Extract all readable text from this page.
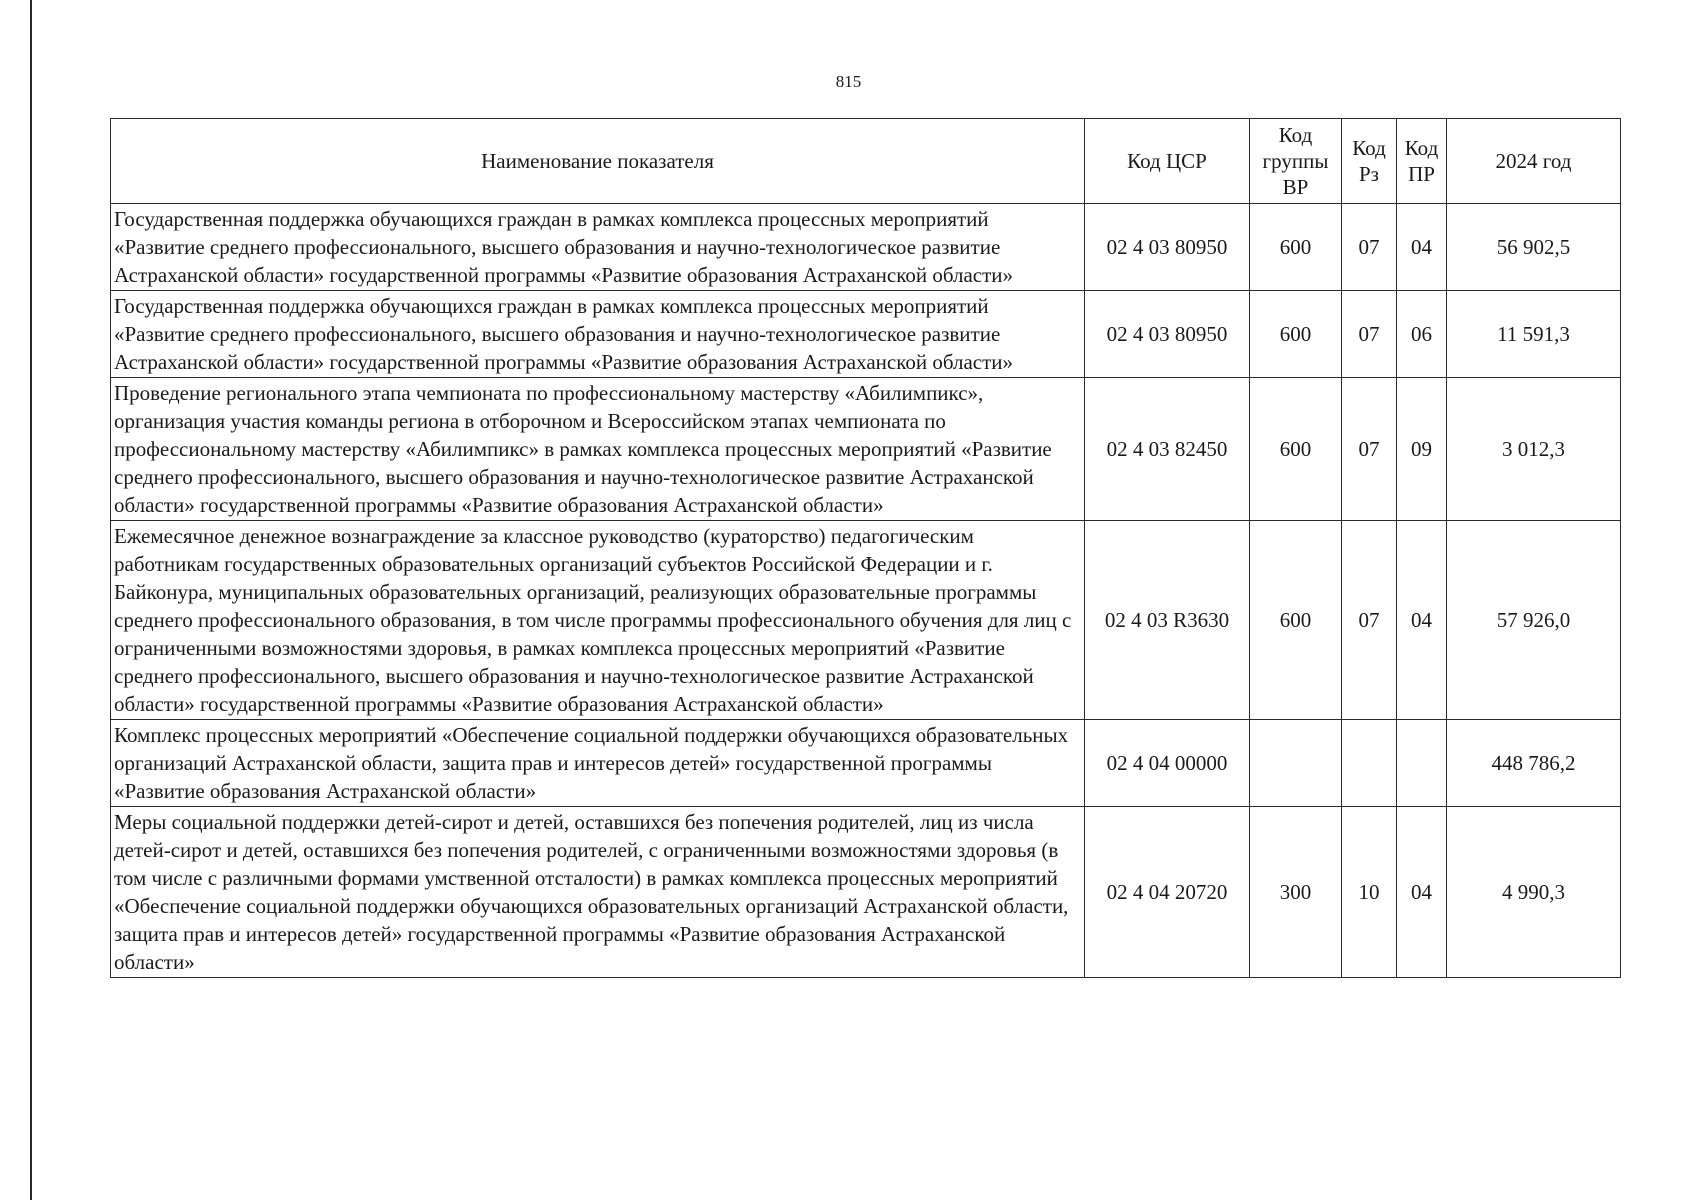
815
Наименование показателя	Код ЦСР	Код группы ВР	Код Рз	Код ПР	2024 год
Государственная поддержка обучающихся граждан в рамках комплекса процессных мероприятий «Развитие среднего профессионального, высшего образования и научно-технологическое развитие Астраханской области» государственной программы «Развитие образования Астраханской области»	02 4 03 80950	600	07	04	56 902,5
Государственная поддержка обучающихся граждан в рамках комплекса процессных мероприятий «Развитие среднего профессионального, высшего образования и научно-технологическое развитие Астраханской области» государственной программы «Развитие образования Астраханской области»	02 4 03 80950	600	07	06	11 591,3
Проведение регионального этапа чемпионата по профессиональному мастерству «Абилимпикс», организация участия команды региона в отборочном и Всероссийском этапах чемпионата по профессиональному мастерству «Абилимпикс» в рамках комплекса процессных мероприятий «Развитие среднего профессионального, высшего образования и научно-технологическое развитие Астраханской области» государственной программы «Развитие образования Астраханской области»	02 4 03 82450	600	07	09	3 012,3
Ежемесячное денежное вознаграждение за классное руководство (кураторство) педагогическим работникам государственных образовательных организаций субъектов Российской Федерации и г. Байконура, муниципальных образовательных организаций, реализующих образовательные программы среднего профессионального образования, в том числе программы профессионального обучения для лиц с ограниченными возможностями здоровья, в рамках комплекса процессных мероприятий «Развитие среднего профессионального, высшего образования и научно-технологическое развитие Астраханской области» государственной программы «Развитие образования Астраханской области»	02 4 03 R3630	600	07	04	57 926,0
Комплекс процессных мероприятий «Обеспечение социальной поддержки обучающихся образовательных организаций Астраханской области, защита прав и интересов детей» государственной программы «Развитие образования Астраханской области»	02 4 04 00000				448 786,2
Меры социальной поддержки детей-сирот и детей, оставшихся без попечения родителей, лиц из числа детей-сирот и детей, оставшихся без попечения родителей, с ограниченными возможностями здоровья (в том числе с различными формами умственной отсталости) в рамках комплекса процессных мероприятий «Обеспечение социальной поддержки обучающихся образовательных организаций Астраханской области, защита прав и интересов детей» государственной программы «Развитие образования Астраханской области»	02 4 04 20720	300	10	04	4 990,3
